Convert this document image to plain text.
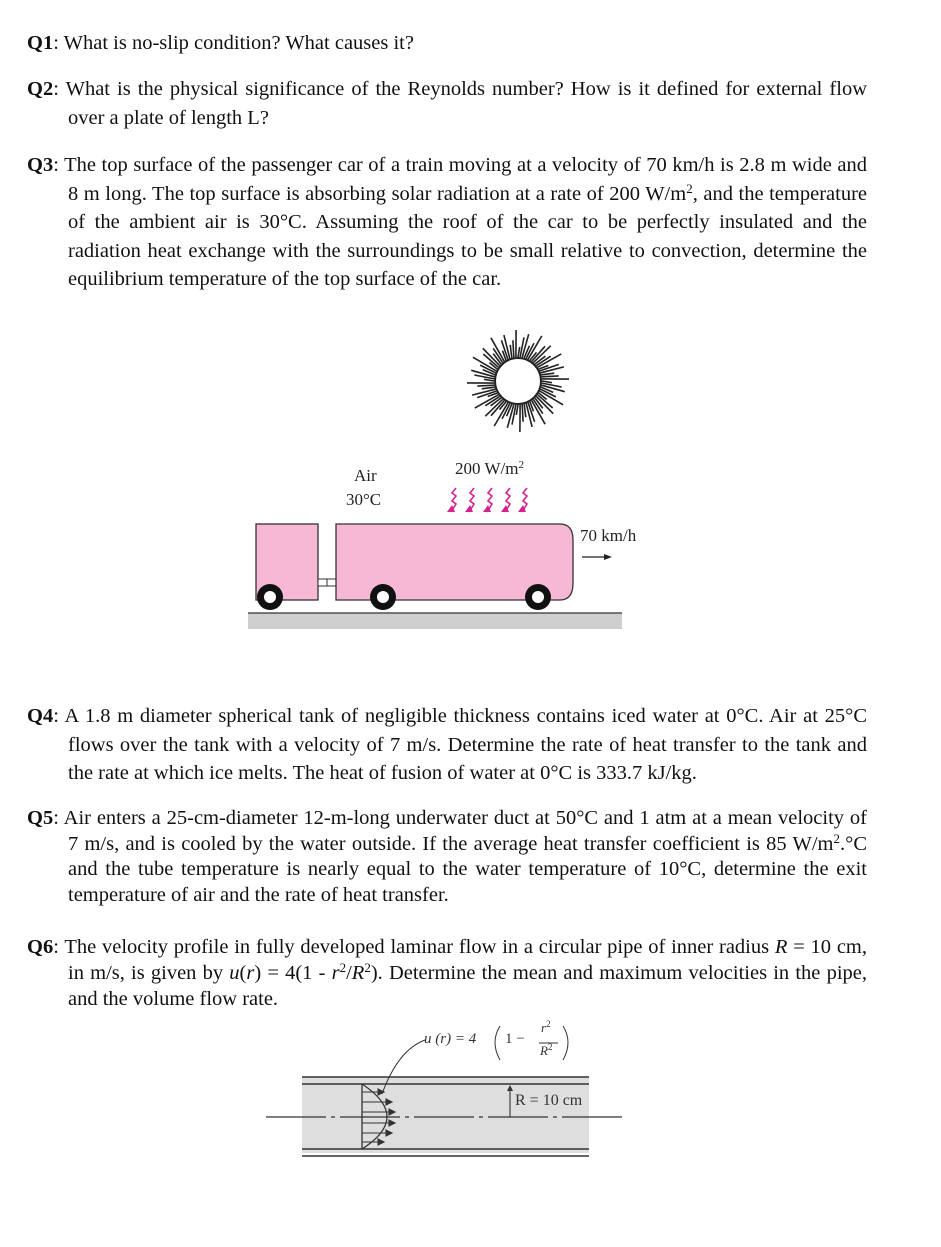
Q1: What is no-slip condition? What causes it?
Q2: What is the physical significance of the Reynolds number? How is it defined for external flow over a plate of length L?
Q3: The top surface of the passenger car of a train moving at a velocity of 70 km/h is 2.8 m wide and 8 m long. The top surface is absorbing solar radiation at a rate of 200 $W/m^2$, and the temperature of the ambient air is 30°C. Assuming the roof of the car to be perfectly insulated and the radiation heat exchange with the surroundings to be small relative to convection, determine the equilibrium temperature of the top surface of the car.
Air
30°C
200 $W/m^2$
70 km/h
Q4: A 1.8 m diameter spherical tank of negligible thickness contains iced water at 0°C. Air at 25°C flows over the tank with a velocity of 7 m/s. Determine the rate of heat transfer to the tank and the rate at which ice melts. The heat of fusion of water at 0°C is 333.7 kJ/kg.
Q5: Air enters a 25-cm-diameter 12-m-long underwater duct at 50°C and 1 atm at a mean velocity of 7 m/s, and is cooled by the water outside. If the average heat transfer coefficient is 85 $W/m^2.^\circ C$ and the tube temperature is nearly equal to the water temperature of 10°C, determine the exit temperature of air and the rate of heat transfer.
Q6: The velocity profile in fully developed laminar flow in a circular pipe of inner radius R = 10 cm, in m/s, is given by $u(r) = 4(1 - r^2/R^2)$. Determine the mean and maximum velocities in the pipe, and the volume flow rate.
u (r) = 4 1 −
$r^2$
$R^2$
R = 10 cm
